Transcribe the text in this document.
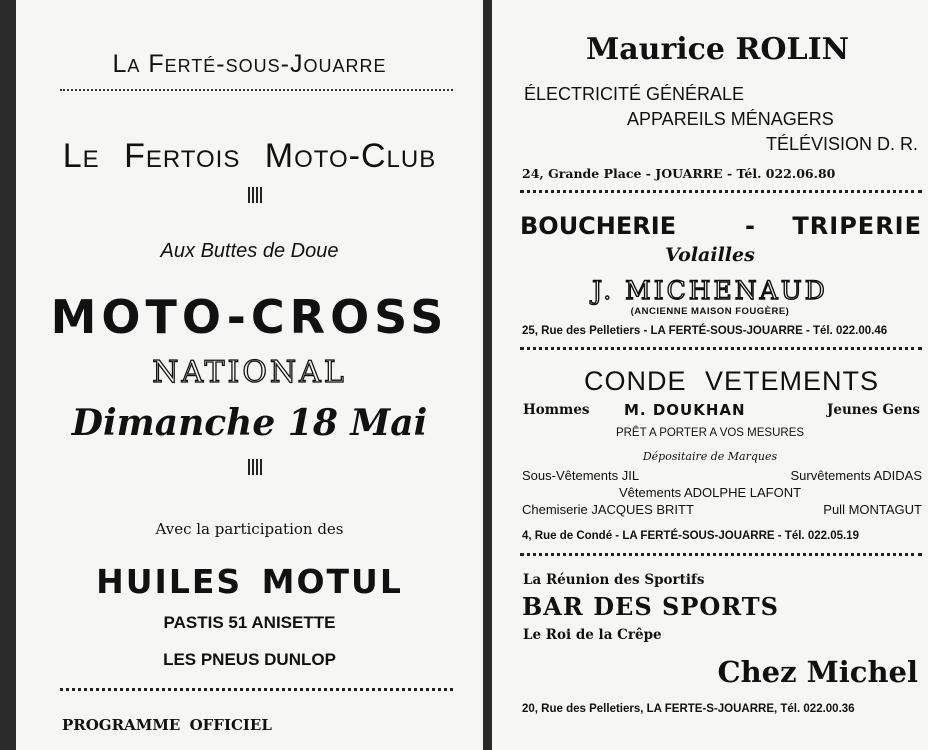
La Ferté-sous-Jouarre
Le Fertois Moto-Club
Aux Buttes de Doue
MOTO-CROSS
NATIONAL
Dimanche 18 Mai
Avec la participation des
HUILES MOTUL
PASTIS 51 ANISETTE
LES PNEUS DUNLOP
PROGRAMME OFFICIEL
Maurice ROLIN
ÉLECTRICITÉ GÉNÉRALE
APPAREILS MÉNAGERS
TÉLÉVISION D. R.
24, Grande Place - JOUARRE - Tél. 022.06.80
BOUCHERIE	- TRIPERIE
Volailles
J. MICHENAUD
(ANCIENNE MAISON FOUGÈRE)
25, Rue des Pelletiers - LA FERTÉ-SOUS-JOUARRE - Tél. 022.00.46
CONDE VETEMENTS
Hommes M. DOUKHAN	Jeunes Gens
PRÊT A PORTER A VOS MESURES
Dépositaire de Marques
Sous-Vêtements JIL	Survêtements ADIDAS
Vêtements ADOLPHE LAFONT
Chemiserie JACQUES BRITT	Pull MONTAGUT
4, Rue de Condé - LA FERTÉ-SOUS-JOUARRE - Tél. 022.05.19
La Réunion des Sportifs
BAR DES SPORTS
Le Roi de la Crêpe
Chez Michel
20, Rue des Pelletiers, LA FERTE-S-JOUARRE, Tél. 022.00.36
